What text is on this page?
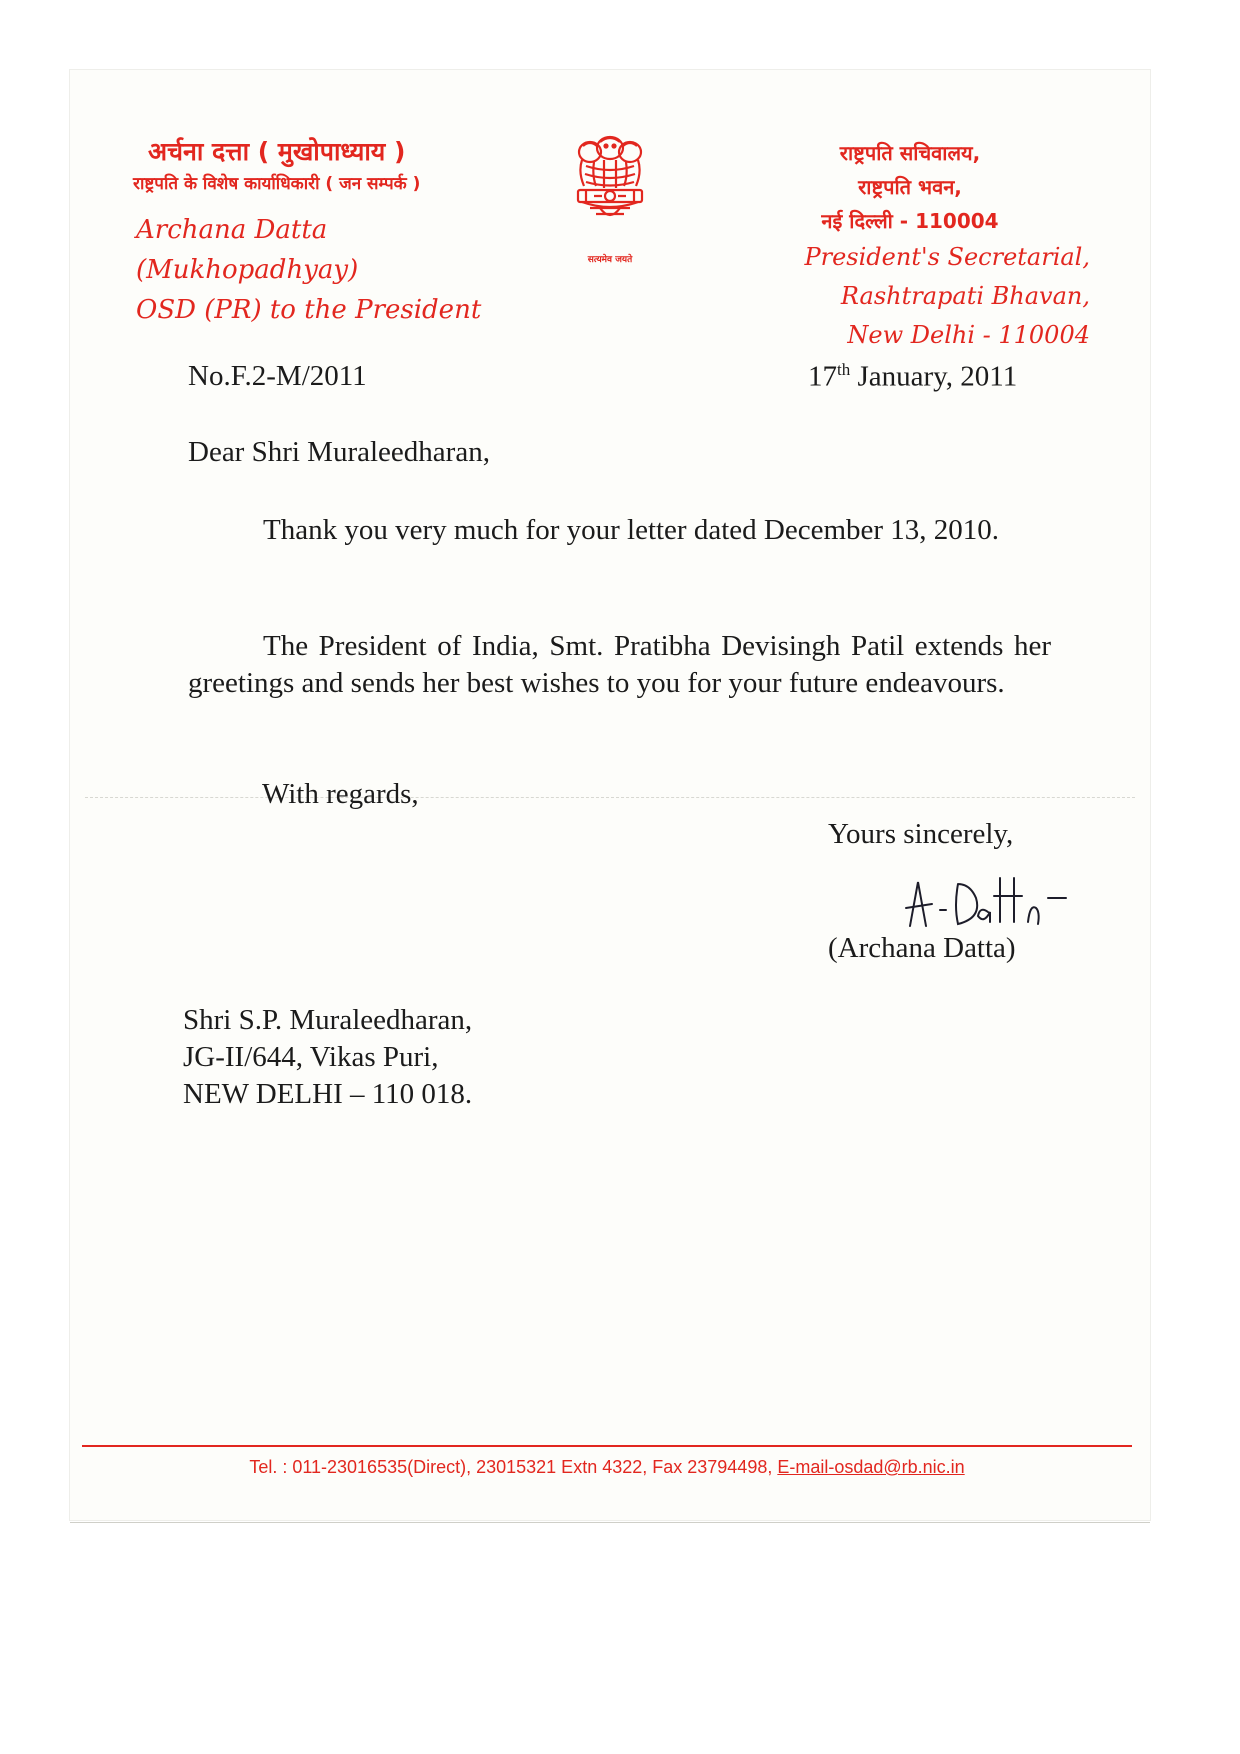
अर्चना दत्ता ( मुखोपाध्याय )
राष्ट्रपति के विशेष कार्याधिकारी ( जन सम्पर्क )
Archana Datta
(Mukhopadhyay)
OSD (PR) to the President
सत्यमेव जयते
राष्ट्रपति सचिवालय,
राष्ट्रपति भवन,
नई दिल्ली - 110004
President's Secretarial,
Rashtrapati Bhavan,
New Delhi - 110004
No.F.2-M/2011	17th January, 2011
Dear Shri Muraleedharan,

Thank you very much for your letter dated December 13, 2010.

The President of India, Smt. Pratibha Devisingh Patil extends her greetings and sends her best wishes to you for your future endeavours.

With regards,
Yours sincerely,
(Archana Datta)
Shri S.P. Muraleedharan,
JG-II/644, Vikas Puri,
NEW DELHI – 110 018.
Tel. : 011-23016535(Direct), 23015321 Extn 4322, Fax 23794498, E-mail-osdad@rb.nic.in
